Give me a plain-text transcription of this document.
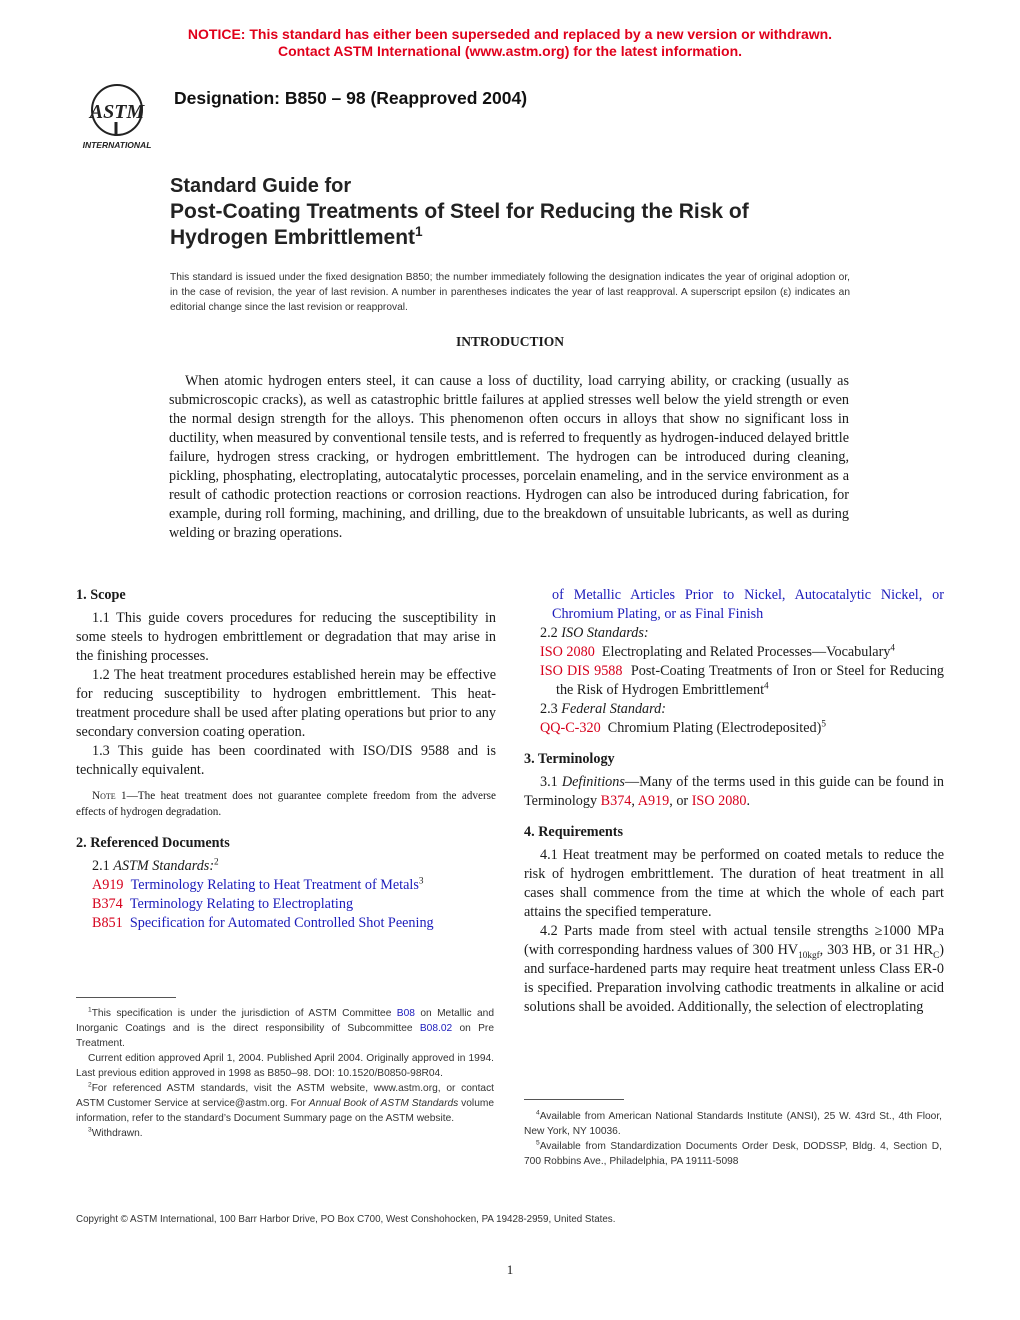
NOTICE: This standard has either been superseded and replaced by a new version or withdrawn.
Contact ASTM International (www.astm.org) for the latest information.
ASTM
INTERNATIONAL
Designation: B850 – 98 (Reapproved 2004)
Standard Guide for
Post-Coating Treatments of Steel for Reducing the Risk of
Hydrogen Embrittlement$^1$
This standard is issued under the fixed designation B850; the number immediately following the designation indicates the year of original adoption or, in the case of revision, the year of last revision. A number in parentheses indicates the year of last reapproval. A superscript epsilon (ε) indicates an editorial change since the last revision or reapproval.
INTRODUCTION

When atomic hydrogen enters steel, it can cause a loss of ductility, load carrying ability, or cracking (usually as submicroscopic cracks), as well as catastrophic brittle failures at applied stresses well below the yield strength or even the normal design strength for the alloys. This phenomenon often occurs in alloys that show no significant loss in ductility, when measured by conventional tensile tests, and is referred to frequently as hydrogen-induced delayed brittle failure, hydrogen stress cracking, or hydrogen embrittlement. The hydrogen can be introduced during cleaning, pickling, phosphating, electroplating, autocatalytic processes, porcelain enameling, and in the service environment as a result of cathodic protection reactions or corrosion reactions. Hydrogen can also be introduced during fabrication, for example, during roll forming, machining, and drilling, due to the breakdown of unsuitable lubricants, as well as during welding or brazing operations.

1. Scope

1.1 This guide covers procedures for reducing the susceptibility in some steels to hydrogen embrittlement or degradation that may arise in the finishing processes.

1.2 The heat treatment procedures established herein may be effective for reducing susceptibility to hydrogen embrittlement. This heat-treatment procedure shall be used after plating operations but prior to any secondary conversion coating operation.

1.3 This guide has been coordinated with ISO/DIS 9588 and is technically equivalent.

Note 1—The heat treatment does not guarantee complete freedom from the adverse effects of hydrogen degradation.

2. Referenced Documents

2.1 ASTM Standards:$^2$

A919 Terminology Relating to Heat Treatment of Metals$^3$

B374 Terminology Relating to Electroplating

B851 Specification for Automated Controlled Shot Peening

$^1$This specification is under the jurisdiction of ASTM Committee B08 on Metallic and Inorganic Coatings and is the direct responsibility of Subcommittee B08.02 on Pre Treatment.

Current edition approved April 1, 2004. Published April 2004. Originally approved in 1994. Last previous edition approved in 1998 as B850–98. DOI: 10.1520/B0850-98R04.

$^2$For referenced ASTM standards, visit the ASTM website, www.astm.org, or contact ASTM Customer Service at service@astm.org. For Annual Book of ASTM Standards volume information, refer to the standard’s Document Summary page on the ASTM website.

$^3$Withdrawn.

of Metallic Articles Prior to Nickel, Autocatalytic Nickel, or Chromium Plating, or as Final Finish

2.2 ISO Standards:

ISO 2080 Electroplating and Related Processes—Vocabulary$^4$

ISO DIS 9588 Post-Coating Treatments of Iron or Steel for Reducing the Risk of Hydrogen Embrittlement$^4$

2.3 Federal Standard:

QQ-C-320 Chromium Plating (Electrodeposited)$^5$

3. Terminology

3.1 Definitions—Many of the terms used in this guide can be found in Terminology B374, A919, or ISO 2080.

4. Requirements

4.1 Heat treatment may be performed on coated metals to reduce the risk of hydrogen embrittlement. The duration of heat treatment in all cases shall commence from the time at which the whole of each part attains the specified temperature.

4.2 Parts made from steel with actual tensile strengths ≥1000 MPa (with corresponding hardness values of 300 $HV_{10kgf}$, 303 HB, or 31 $HR_C$) and surface-hardened parts may require heat treatment unless Class ER-0 is specified. Preparation involving cathodic treatments in alkaline or acid solutions shall be avoided. Additionally, the selection of electroplating

$^4$Available from American National Standards Institute (ANSI), 25 W. 43rd St., 4th Floor, New York, NY 10036.

$^5$Available from Standardization Documents Order Desk, DODSSP, Bldg. 4, Section D, 700 Robbins Ave., Philadelphia, PA 19111-5098

Copyright © ASTM International, 100 Barr Harbor Drive, PO Box C700, West Conshohocken, PA 19428-2959, United States.
1
